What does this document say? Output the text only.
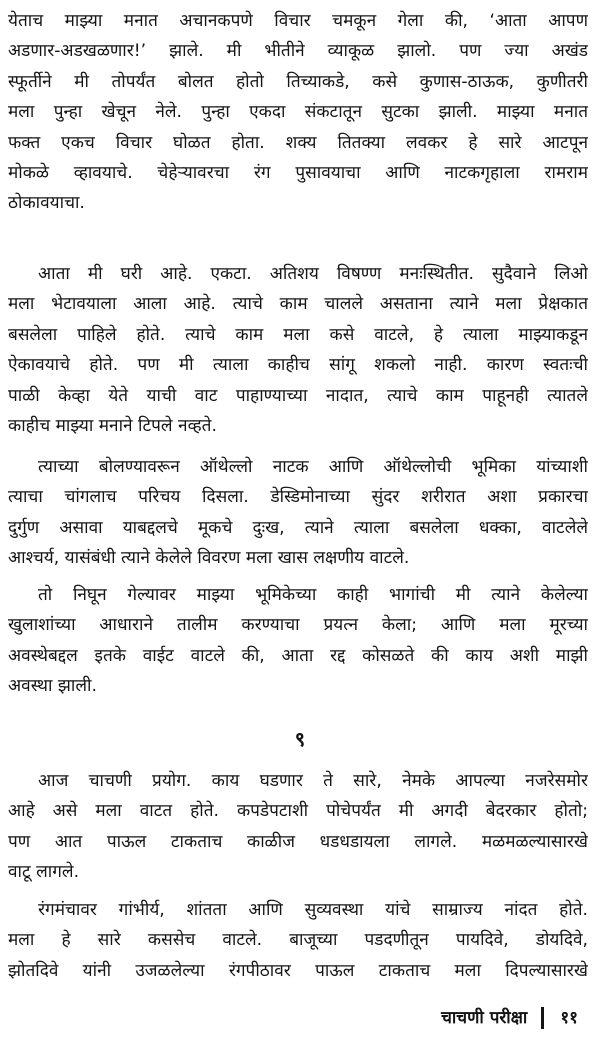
येताच माझ्या मनात अचानकपणे विचार चमकून गेला की, ‘आता आपण
अडणार-अडखळणार!’ झाले. मी भीतीने व्याकूळ झालो. पण ज्या अखंड
स्फूर्तीने मी तोपर्यंत बोलत होतो तिच्याकडे, कसे कुणास-ठाऊक, कुणीतरी
मला पुन्हा खेचून नेले. पुन्हा एकदा संकटातून सुटका झाली. माझ्या मनात
फक्त एकच विचार घोळत होता. शक्य तितक्या लवकर हे सारे आटपून
मोकळे व्हावयाचे. चेहेऱ्यावरचा रंग पुसावयाचा आणि नाटकगृहाला रामराम
ठोकावयाचा.

आता मी घरी आहे. एकटा. अतिशय विषण्ण मनःस्थितीत. सुदैवाने लिओ
मला भेटावयाला आला आहे. त्याचे काम चालले असताना त्याने मला प्रेक्षकात
बसलेला पाहिले होते. त्याचे काम मला कसे वाटले, हे त्याला माझ्याकडून
ऐकावयाचे होते. पण मी त्याला काहीच सांगू शकलो नाही. कारण स्वतःची
पाळी केव्हा येते याची वाट पाहाण्याच्या नादात, त्याचे काम पाहूनही त्यातले
काहीच माझ्या मनाने टिपले नव्हते.

त्याच्या बोलण्यावरून ऑथेल्लो नाटक आणि ऑथेल्लोची भूमिका यांच्याशी
त्याचा चांगलाच परिचय दिसला. डेस्डिमोनाच्या सुंदर शरीरात अशा प्रकारचा
दुर्गुण असावा याबद्दलचे मूकचे दुःख, त्याने त्याला बसलेला धक्का, वाटलेले
आश्चर्य, यासंबंधी त्याने केलेले विवरण मला खास लक्षणीय वाटले.

तो निघून गेल्यावर माझ्या भूमिकेच्या काही भागांची मी त्याने केलेल्या
खुलाशांच्या आधाराने तालीम करण्याचा प्रयत्न केला; आणि मला मूरच्या
अवस्थेबद्दल इतके वाईट वाटले की, आता रद्द कोसळते की काय अशी माझी
अवस्था झाली.

९

आज चाचणी प्रयोग. काय घडणार ते सारे, नेमके आपल्या नजरेसमोर
आहे असे मला वाटत होते. कपडेपटाशी पोचेपर्यंत मी अगदी बेदरकार होतो;
पण आत पाऊल टाकताच काळीज धडधडायला लागले. मळमळल्यासारखे
वाटू लागले.

रंगमंचावर गांभीर्य, शांतता आणि सुव्यवस्था यांचे साम्राज्य नांदत होते.
मला हे सारे कससेच वाटले. बाजूच्या पडदणीतून पायदिवे, डोयदिवे,
झोतदिवे यांनी उजळलेल्या रंगपीठावर पाऊल टाकताच मला दिपल्यासारखे

चाचणी परीक्षा ११
